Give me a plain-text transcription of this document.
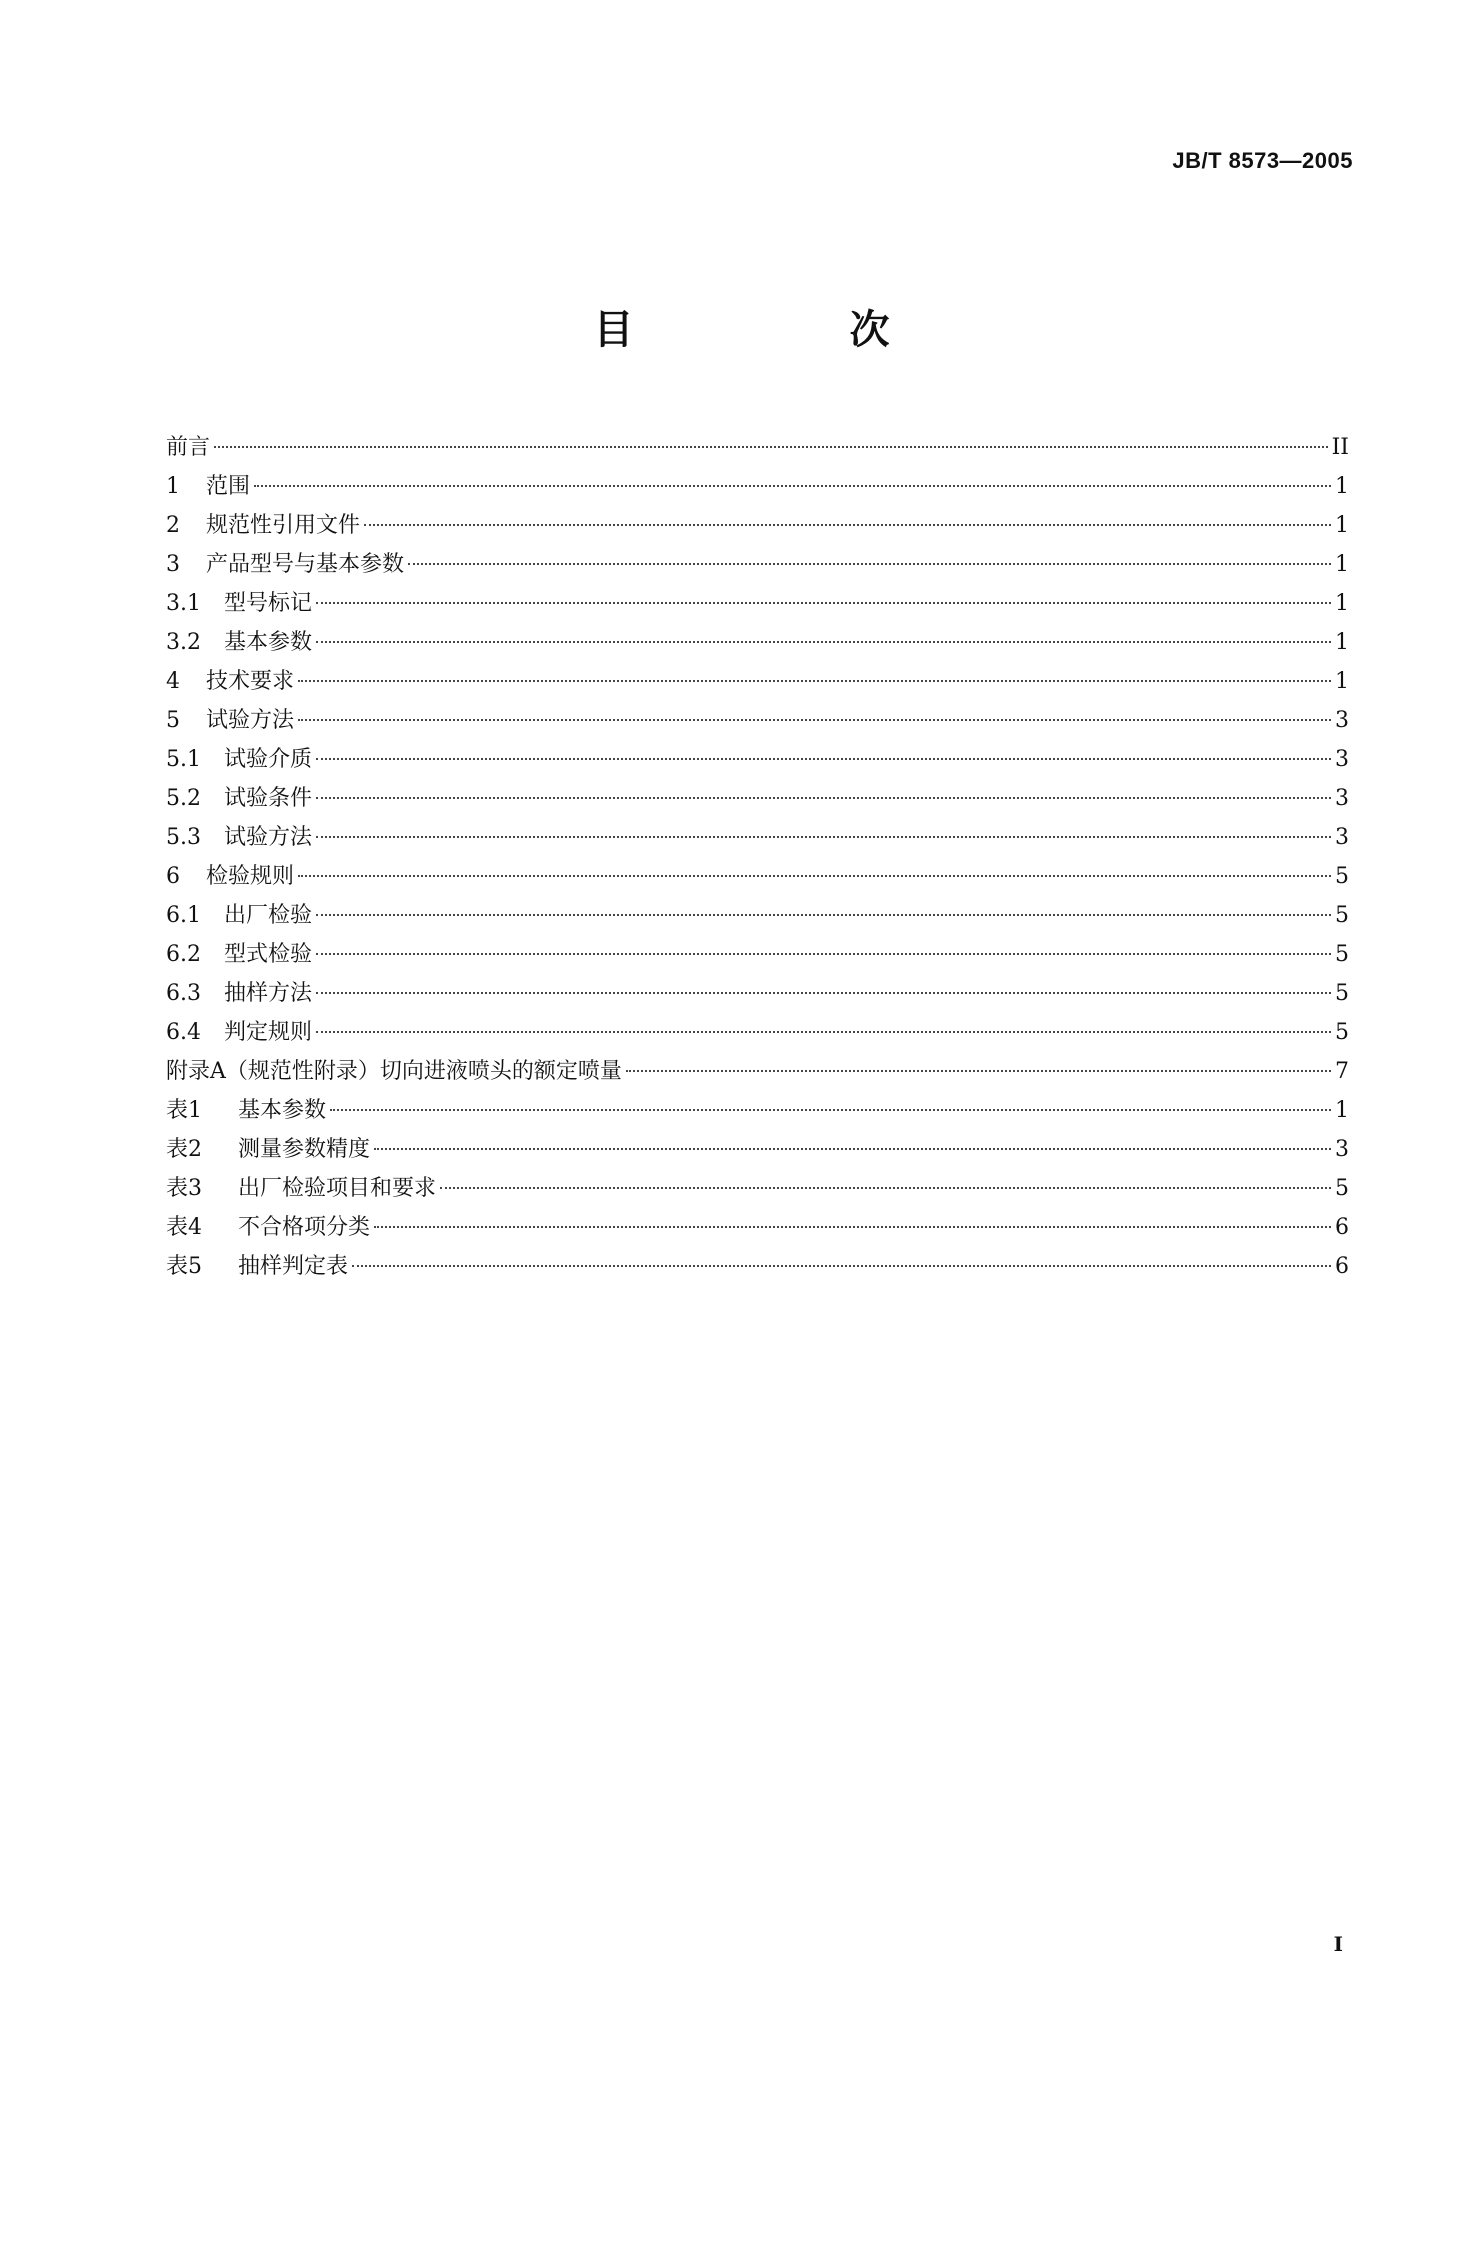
JB/T 8573—2005
目　次
前言	II
1	范围	1
2	规范性引用文件	1
3	产品型号与基本参数	1
3.1	型号标记	1
3.2	基本参数	1
4	技术要求	1
5	试验方法	3
5.1	试验介质	3
5.2	试验条件	3
5.3	试验方法	3
6	检验规则	5
6.1	出厂检验	5
6.2	型式检验	5
6.3	抽样方法	5
6.4	判定规则	5
附录A（规范性附录）切向进液喷头的额定喷量	7
表1	基本参数	1
表2	测量参数精度	3
表3	出厂检验项目和要求	5
表4	不合格项分类	6
表5	抽样判定表	6
I
